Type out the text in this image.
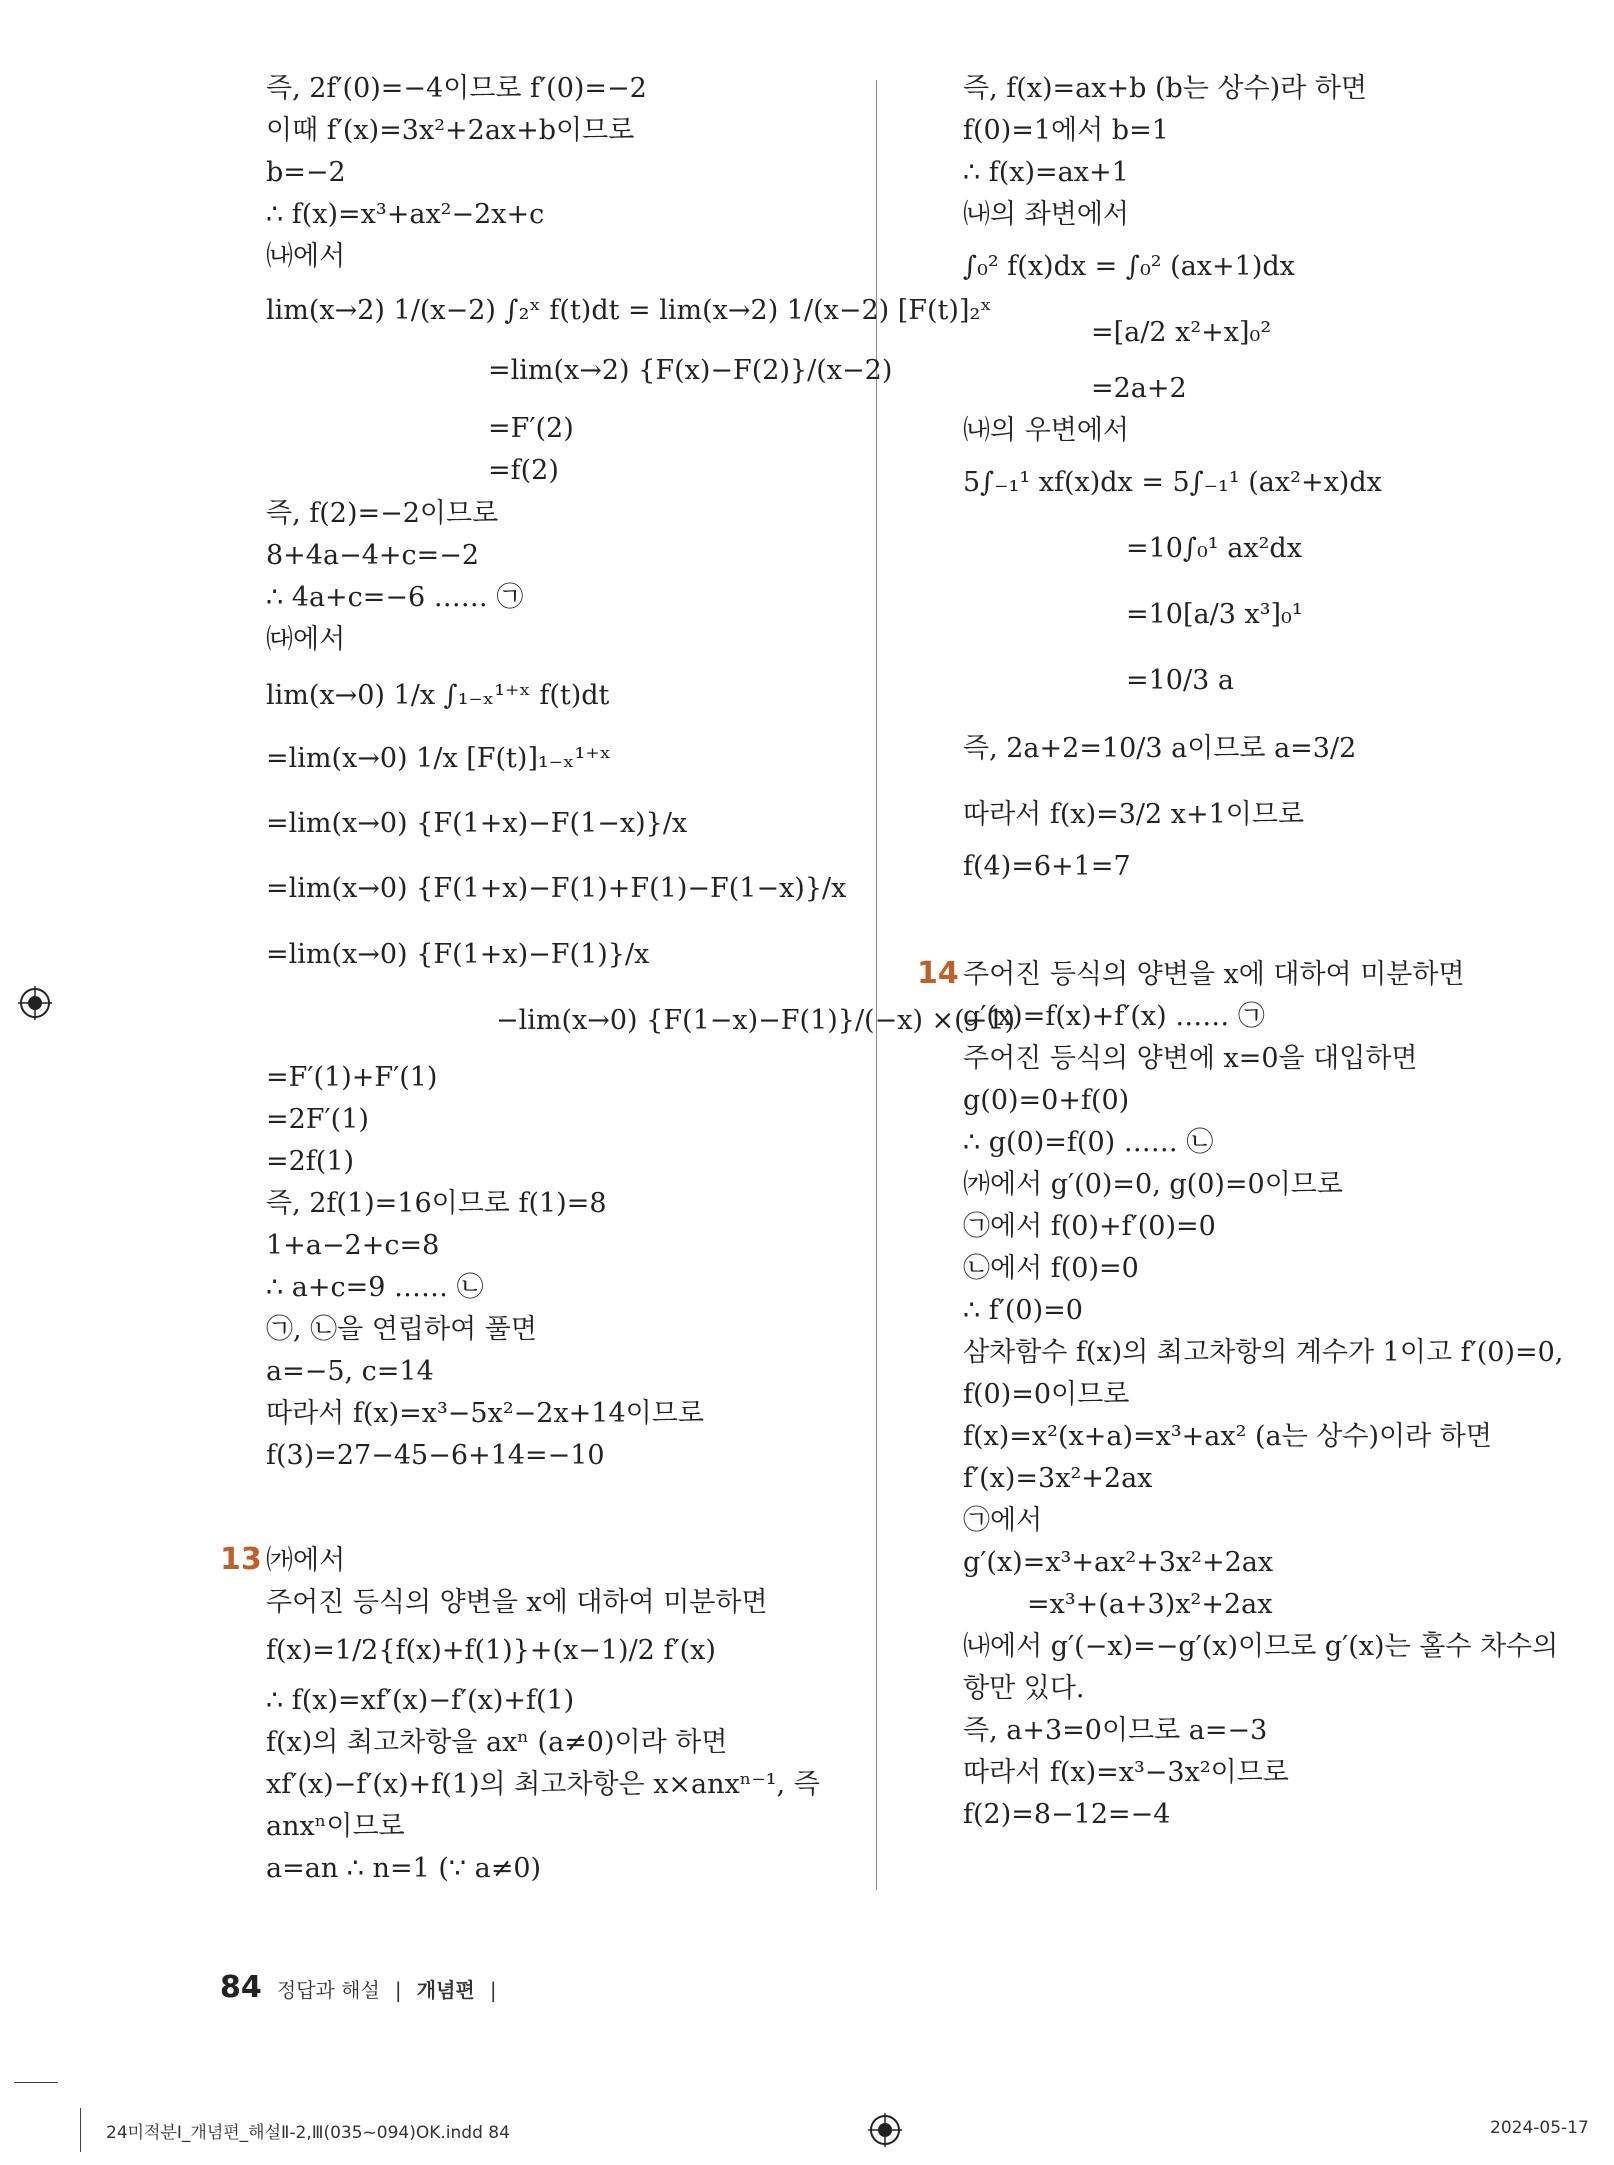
즉, 2f′(0)=−4이므로 f′(0)=−2
이때 f′(x)=3x²+2ax+b이므로
b=−2
∴ f(x)=x³+ax²−2x+c
㈏에서
lim(x→2) 1/(x−2) ∫₂ˣ f(t)dt = lim(x→2) 1/(x−2) [F(t)]₂ˣ
=lim(x→2) {F(x)−F(2)}/(x−2)
=F′(2)
=f(2)
즉, f(2)=−2이므로
8+4a−4+c=−2
∴ 4a+c=−6 …… ㉠
㈐에서
lim(x→0) 1/x ∫₁₋ₓ¹⁺ˣ f(t)dt
=lim(x→0) 1/x [F(t)]₁₋ₓ¹⁺ˣ
=lim(x→0) {F(1+x)−F(1−x)}/x
=lim(x→0) {F(1+x)−F(1)+F(1)−F(1−x)}/x
=lim(x→0) {F(1+x)−F(1)}/x
−lim(x→0) {F(1−x)−F(1)}/(−x) ×(−1)
=F′(1)+F′(1)
=2F′(1)
=2f(1)
즉, 2f(1)=16이므로 f(1)=8
1+a−2+c=8
∴ a+c=9 …… ㉡
㉠, ㉡을 연립하여 풀면
a=−5, c=14
따라서 f(x)=x³−5x²−2x+14이므로
f(3)=27−45−6+14=−10
13 ㈎에서
주어진 등식의 양변을 x에 대하여 미분하면
f(x)=1/2{f(x)+f(1)}+(x−1)/2 f′(x)
∴ f(x)=xf′(x)−f′(x)+f(1)
f(x)의 최고차항을 axⁿ (a≠0)이라 하면
xf′(x)−f′(x)+f(1)의 최고차항은 x×anxⁿ⁻¹, 즉
anxⁿ이므로
a=an ∴ n=1 (∵ a≠0)
즉, f(x)=ax+b (b는 상수)라 하면
f(0)=1에서 b=1
∴ f(x)=ax+1
㈏의 좌변에서
∫₀² f(x)dx = ∫₀² (ax+1)dx
=[a/2 x²+x]₀²
=2a+2
㈏의 우변에서
5∫₋₁¹ xf(x)dx = 5∫₋₁¹ (ax²+x)dx
=10∫₀¹ ax²dx
=10[a/3 x³]₀¹
=10/3 a
즉, 2a+2=10/3 a이므로 a=3/2
따라서 f(x)=3/2 x+1이므로
f(4)=6+1=7
14 주어진 등식의 양변을 x에 대하여 미분하면
g′(x)=f(x)+f′(x) …… ㉠
주어진 등식의 양변에 x=0을 대입하면
g(0)=0+f(0)
∴ g(0)=f(0) …… ㉡
㈎에서 g′(0)=0, g(0)=0이므로
㉠에서 f(0)+f′(0)=0
㉡에서 f(0)=0
∴ f′(0)=0
삼차함수 f(x)의 최고차항의 계수가 1이고 f′(0)=0,
f(0)=0이므로
f(x)=x²(x+a)=x³+ax² (a는 상수)이라 하면
f′(x)=3x²+2ax
㉠에서
g′(x)=x³+ax²+3x²+2ax
=x³+(a+3)x²+2ax
㈏에서 g′(−x)=−g′(x)이므로 g′(x)는 홀수 차수의
항만 있다.
즉, a+3=0이므로 a=−3
따라서 f(x)=x³−3x²이므로
f(2)=8−12=−4
84 정답과 해설 | 개념편 |
24미적분Ⅰ_개념편_해설Ⅱ-2,Ⅲ(035~094)OK.indd 84	2024-05-17
